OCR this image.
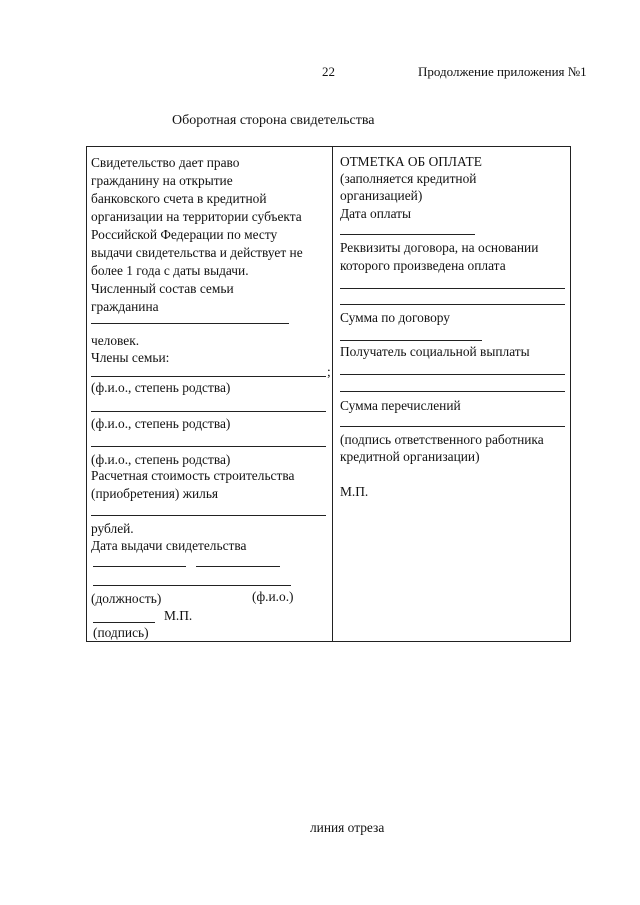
22	Продолжение приложения №1
Оборотная сторона свидетельства
Свидетельство дает право
гражданину на открытие
банковского счета в кредитной
организации на территории субъекта
Российской Федерации по месту
выдачи свидетельства и действует не
более 1 года с даты выдачи.
Численный состав семьи
гражданина
человек.
Члены семьи:
;
(ф.и.о., степень родства)
(ф.и.о., степень родства)
(ф.и.о., степень родства)
Расчетная стоимость строительства
(приобретения) жилья
рублей.
Дата выдачи свидетельства
(должность)	(ф.и.о.)
М.П.
(подпись)
ОТМЕТКА ОБ ОПЛАТЕ
(заполняется кредитной
организацией)
Дата оплаты
Реквизиты договора, на основании
которого произведена оплата
Сумма по договору
Получатель социальной выплаты
Сумма перечислений
(подпись ответственного работника
кредитной организации)
М.П.
линия отреза
